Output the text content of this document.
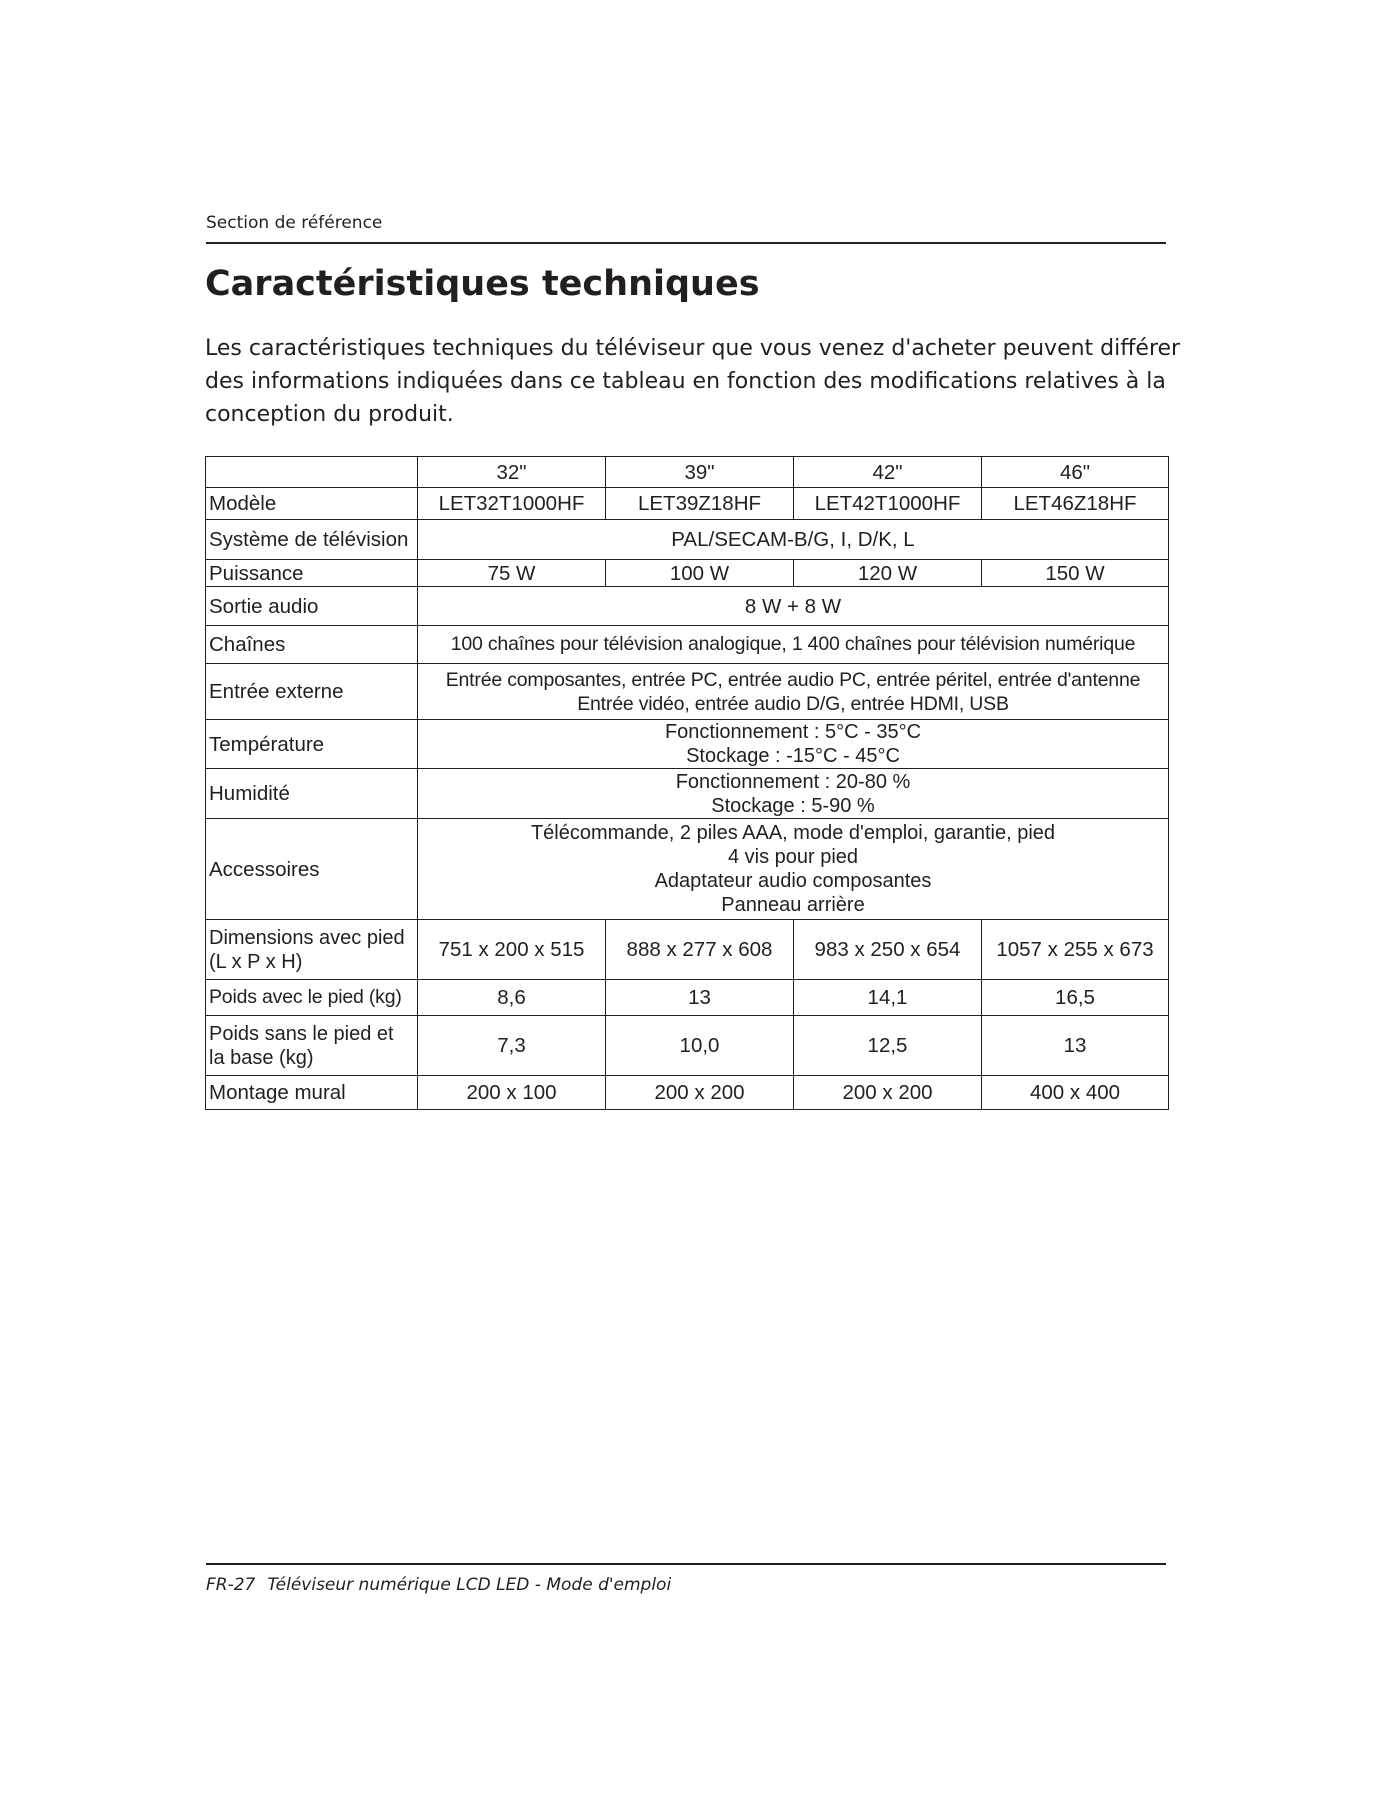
Section de référence
Caractéristiques techniques

Les caractéristiques techniques du téléviseur que vous venez d'acheter peuvent différer des informations indiquées dans ce tableau en fonction des modifications relatives à la conception du produit.

	32"	39"	42"	46"
Modèle	LET32T1000HF	LET39Z18HF	LET42T1000HF	LET46Z18HF
Système de télévision	PAL/SECAM-B/G, I, D/K, L			
Puissance	75 W	100 W	120 W	150 W
Sortie audio	8 W + 8 W			
Chaînes	100 chaînes pour télévision analogique, 1 400 chaînes pour télévision numérique			
Entrée externe	Entrée composantes, entrée PC, entrée audio PC, entrée péritel, entrée d'antenne
Entrée vidéo, entrée audio D/G, entrée HDMI, USB			

Température	Fonctionnement : 5°C - 35°C
Stockage : -15°C - 45°C			

Humidité	Fonctionnement : 20-80 %
Stockage : 5-90 %			

Accessoires	Télécommande, 2 piles AAA, mode d'emploi, garantie, pied
4 vis pour pied
Adaptateur audio composantes
Panneau arrière			

Dimensions avec pied
(L x P x H)	751 x 200 x 515	888 x 277 x 608	983 x 250 x 654	1057 x 255 x 673
Poids avec le pied (kg)	8,6	13	14,1	16,5

Poids sans le pied et
la base (kg)	7,3	10,0	12,5	13
Montage mural	200 x 100	200 x 200	200 x 200	400 x 400
FR-27 Téléviseur numérique LCD LED - Mode d'emploi
